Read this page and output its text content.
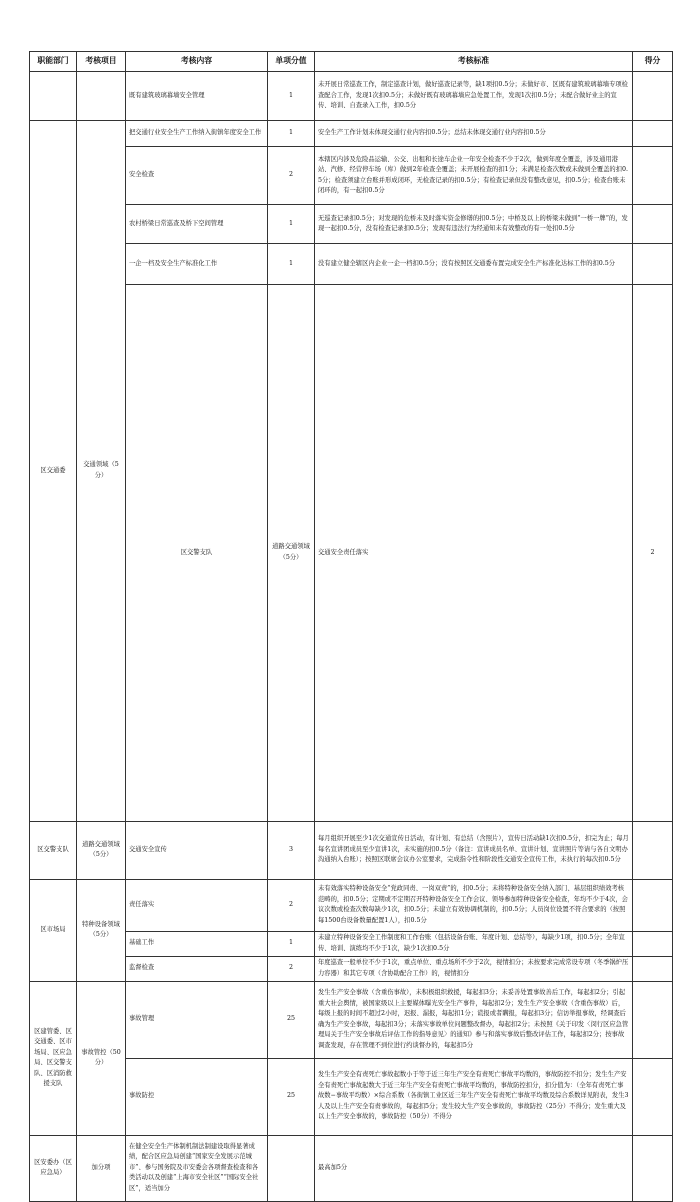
职能部门	考核项目	考核内容	单项分值	考核标准	得分	
		既有建筑玻璃幕墙安全管理	1	未开展日常巡查工作，制定巡查计划，做好巡查记录等，缺1项扣0.5分；未做好市、区既有建筑玻璃幕墙专项检查配合工作，发现1次扣0.5分；未做好既有玻璃幕墙应急处置工作，发现1次扣0.5分；未配合做好业主的宣传、培训、自查录入工作，扣0.5分		
区交通委	交通领域（5分）	把交通行业安全生产工作纳入街镇年度安全工作	1	安全生产工作计划未体现交通行业内容扣0.5分；总结未体现交通行业内容扣0.5分		
		安全检查	2	本辖区内涉及危险品运输、公交、出租和长途车企业一年安全检查不少于2次，做到年度全覆盖，涉及通用港站、汽修、经营停车场（库）做到2年检查全覆盖；未开展检查的扣1分；未满足检查次数或未做到全覆盖的扣0.5分；检查须建立台账并形成闭环，无检查记录的扣0.5分；有检查记录但没有整改意见，扣0.5分；检查台账未闭环的，有一起扣0.5分		
		农村桥梁日常巡查及桥下空间管理	1	无巡查记录扣0.5分；对发现的危桥未及时落实资金修缮的扣0.5分；中桥及以上的桥梁未做到“一桥一牌”的，发现一起扣0.5分，没有检查记录扣0.5分；发现有违法行为经通知未有效整改的有一处扣0.5分		
		一企一档及安全生产标准化工作	1	没有建立健全辖区内企业一企一档扣0.5分；没有按照区交通委布置完成安全生产标准化达标工作的扣0.5分		
		区交警支队	道路交通领域（5分）	交通安全责任落实	2		
区交警支队	道路交通领域（5分）	交通安全宣传	3	每月组织开展至少1次交通宣传日活动，有计划、有总结（含照片），宣传日活动缺1次扣0.5分，扣完为止；每月每名宣讲团成员至少宣讲1次，未实施的扣0.5分（备注：宣讲成员名单、宣讲计划、宣讲照片等请与各自文明办沟通纳入台账）；按照区联席会议办公室要求，完成指令性和阶段性交通安全宣传工作，未执行的每次扣0.5分		
区市场局	特种设备领域（5分）	责任落实	2	未有效落实特种设备安全“党政同责、一岗双责”的，扣0.5分；未将特种设备安全纳入部门、基层组织绩效考核范畴的，扣0.5分；定期或不定期召开特种设备安全工作会议、领导参加特种设备安全检查，年均不少于4次，会议次数或检查次数每缺少1次，扣0.5分；未建立有效协调机制的，扣0.5分；人员岗位设置不符合要求的（按照每1500台设备数量配置1人），扣0.5分		
		基础工作	1	未建立特种设备安全工作制度和工作台账（包括设备台账、年度计划、总结等），每缺少1项，扣0.5分；全年宣传、培训、演练均不少于1次，缺少1次扣0.5分		
		监督检查	2	年度巡查一般单位不少于1次，重点单位、重点场所不少于2次，视情扣分；未按要求完成常设专项（冬季锅炉压力容器）和其它专项（含协助配合工作）的，视情扣分		
区建管委、区交通委、区市场局、区应急局、区交警支队、区消防救援支队	事故管控（50分）	事故管理	25	发生生产安全事故（含重伤事故），未积极组织救援，每起扣3分；未妥善处置事故善后工作，每起扣2分；引起重大社会舆情，被国家级以上主要媒体曝光安全生产事件，每起扣2分；发生生产安全事故（含重伤事故）后，每级上报的时间不超过2小时，迟报、漏报，每起扣1分；谎报或者瞒报，每起扣3分；信访举报事故，经调查后确为生产安全事故，每起扣3分；未落实事故单位问题整改督办，每起扣2分；未按照《关于印发〈闵行区应急管理局关于生产安全事故后评估工作的指导意见〉的通知》参与和落实事故后整改评估工作，每起扣2分；按事故调查发现，存在管理不到位进行约谈督办的，每起扣5分		
		事故防控	25	发生生产安全有责死亡事故起数小于等于近三年生产安全有责死亡事故平均数的，事故防控不扣分；发生生产安全有责死亡事故起数大于近三年生产安全有责死亡事故平均数的，事故防控扣分，扣分值为：（全年有责死亡事故数−事故平均数）×综合系数（各街镇工业区近三年生产安全有责死亡事故平均数及综合系数详见附表，发生3人及以上生产安全有责事故的，每起扣5分；发生较大生产安全事故的，事故防控（25分）不得分；发生重大及以上生产安全事故的，事故防控（50分）不得分		
区安委办（区应急局）	加分项	在健全安全生产体制机制法制建设取得显著成绩，配合区应急局创建“国家安全发展示范城市”、参与国务院及市安委会各项督查检查和各类活动以及创建“上海市安全社区”“国际安全社区”，适当加分		最高加5分		
